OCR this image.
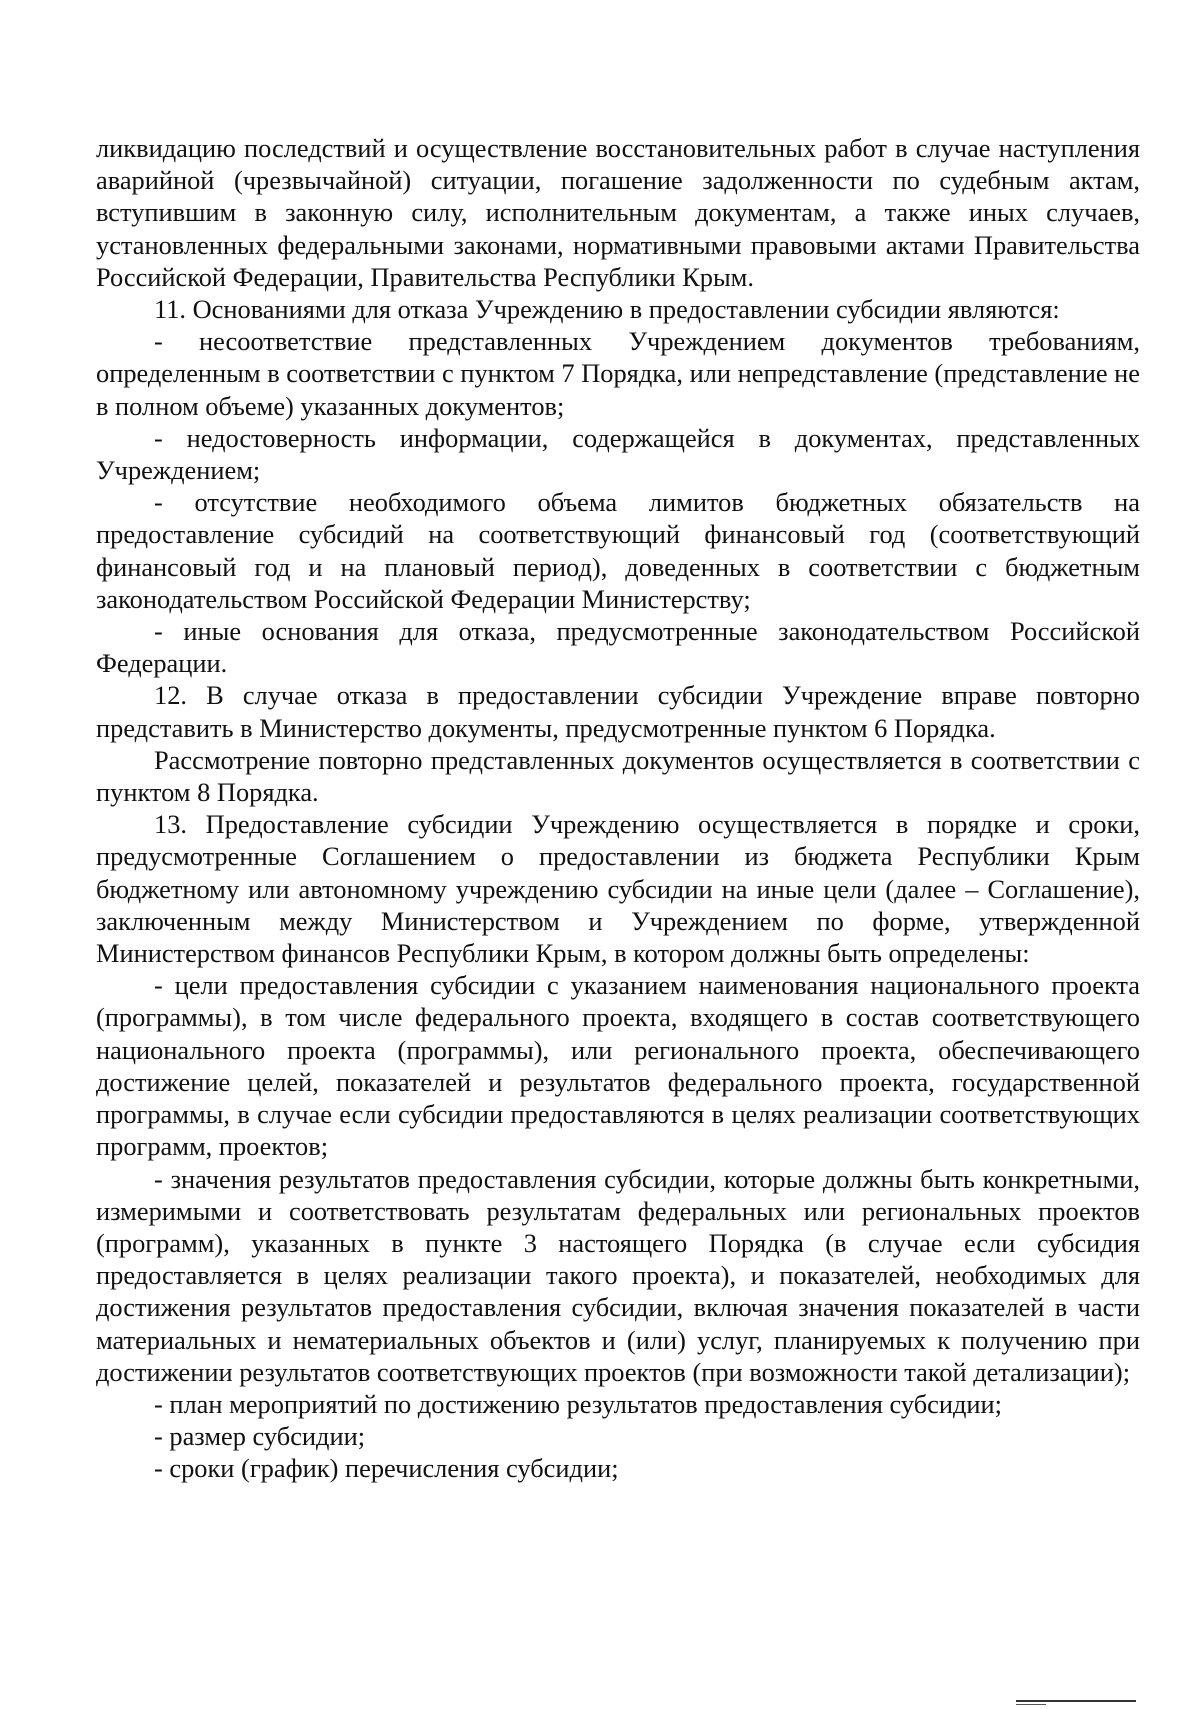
ликвидацию последствий и осуществление восстановительных работ в случае наступления аварийной (чрезвычайной) ситуации, погашение задолженности по судебным актам, вступившим в законную силу, исполнительным документам, а также иных случаев, установленных федеральными законами, нормативными правовыми актами Правительства Российской Федерации, Правительства Республики Крым.

11. Основаниями для отказа Учреждению в предоставлении субсидии являются:

- несоответствие представленных Учреждением документов требованиям, определенным в соответствии с пунктом 7 Порядка, или непредставление (представление не в полном объеме) указанных документов;

- недостоверность информации, содержащейся в документах, представленных Учреждением;

- отсутствие необходимого объема лимитов бюджетных обязательств на предоставление субсидий на соответствующий финансовый год (соответствующий финансовый год и на плановый период), доведенных в соответствии с бюджетным законодательством Российской Федерации Министерству;

- иные основания для отказа, предусмотренные законодательством Российской Федерации.

12. В случае отказа в предоставлении субсидии Учреждение вправе повторно представить в Министерство документы, предусмотренные пунктом 6 Порядка.

Рассмотрение повторно представленных документов осуществляется в соответствии с пунктом 8 Порядка.

13. Предоставление субсидии Учреждению осуществляется в порядке и сроки, предусмотренные Соглашением о предоставлении из бюджета Республики Крым бюджетному или автономному учреждению субсидии на иные цели (далее – Соглашение), заключенным между Министерством и Учреждением по форме, утвержденной Министерством финансов Республики Крым, в котором должны быть определены:

- цели предоставления субсидии с указанием наименования национального проекта (программы), в том числе федерального проекта, входящего в состав соответствующего национального проекта (программы), или регионального проекта, обеспечивающего достижение целей, показателей и результатов федерального проекта, государственной программы, в случае если субсидии предоставляются в целях реализации соответствующих программ, проектов;

- значения результатов предоставления субсидии, которые должны быть конкретными, измеримыми и соответствовать результатам федеральных или региональных проектов (программ), указанных в пункте 3 настоящего Порядка (в случае если субсидия предоставляется в целях реализации такого проекта), и показателей, необходимых для достижения результатов предоставления субсидии, включая значения показателей в части материальных и нематериальных объектов и (или) услуг, планируемых к получению при достижении результатов соответствующих проектов (при возможности такой детализации);

- план мероприятий по достижению результатов предоставления субсидии;

- размер субсидии;

- сроки (график) перечисления субсидии;
